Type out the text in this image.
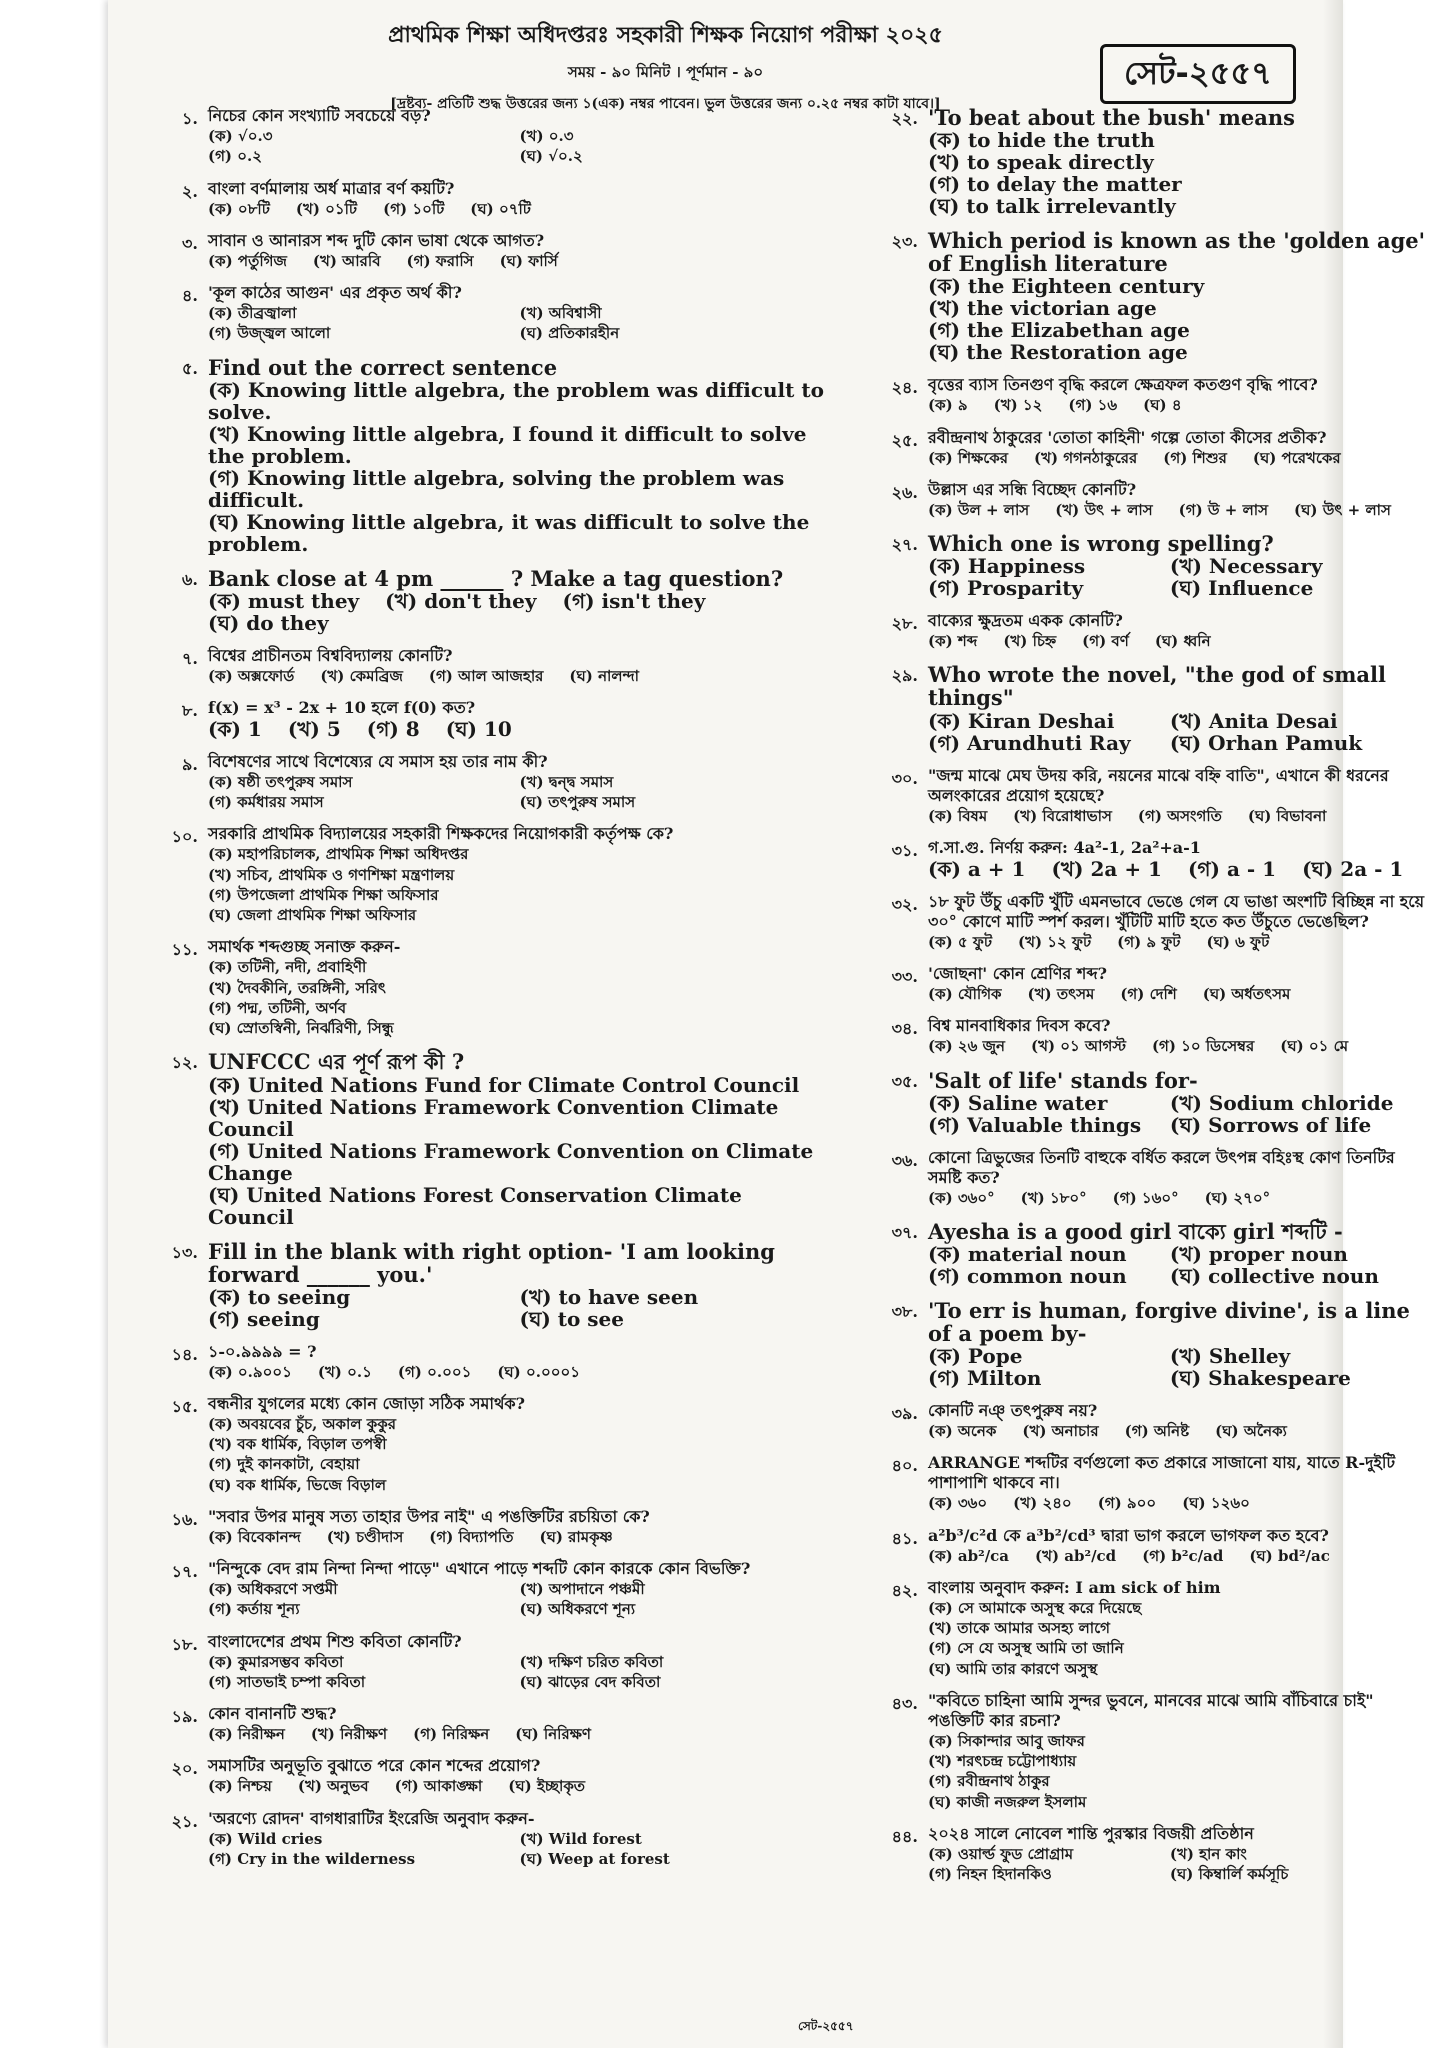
প্রাথমিক শিক্ষা অধিদপ্তরঃ সহকারী শিক্ষক নিয়োগ পরীক্ষা ২০২৫
সময় - ৯০ মিনিট । পূর্ণমান - ৯০
[দ্রষ্টব্য- প্রতিটি শুদ্ধ উত্তরের জন্য ১(এক) নম্বর পাবেন। ভুল উত্তরের জন্য ০.২৫ নম্বর কাটা যাবে।]
সেট-২৫৫৭
১. নিচের কোন সংখ্যাটি সবচেয়ে বড়?
(ক) √০.৩	(খ) ০.৩
(গ) ০.২	(ঘ) √০.২
২. বাংলা বর্ণমালায় অর্ধ মাত্রার বর্ণ কয়টি?
(ক) ০৮টি (খ) ০১টি (গ) ১০টি (ঘ) ০৭টি
৩. সাবান ও আনারস শব্দ দুটি কোন ভাষা থেকে আগত?
(ক) পর্তুগিজ (খ) আরবি (গ) ফরাসি (ঘ) ফার্সি
৪. 'কূল কাঠের আগুন' এর প্রকৃত অর্থ কী?
(ক) তীব্রজ্বালা	(খ) অবিশ্বাসী
(গ) উজ্জ্বল আলো	(ঘ) প্রতিকারহীন
৫. Find out the correct sentence
(ক) Knowing little algebra, the problem was difficult to solve.
(খ) Knowing little algebra, I found it difficult to solve the problem.
(গ) Knowing little algebra, solving the problem was difficult.
(ঘ) Knowing little algebra, it was difficult to solve the problem.
৬. Bank close at 4 pm ______ ? Make a tag question?
(ক) must they (খ) don't they (গ) isn't they
(ঘ) do they
৭. বিশ্বের প্রাচীনতম বিশ্ববিদ্যালয় কোনটি?
(ক) অক্সফোর্ড (খ) কেমব্রিজ (গ) আল আজহার (ঘ) নালন্দা
৮. f(x) = x³ - 2x + 10 হলে f(0) কত?
(ক) 1 (খ) 5 (গ) 8 (ঘ) 10
৯. বিশেষণের সাথে বিশেষ্যের যে সমাস হয় তার নাম কী?
(ক) ষষ্ঠী তৎপুরুষ সমাস	(খ) দ্বন্দ্ব সমাস
(গ) কর্মধারয় সমাস	(ঘ) তৎপুরুষ সমাস
১০. সরকারি প্রাথমিক বিদ্যালয়ের সহকারী শিক্ষকদের নিয়োগকারী কর্তৃপক্ষ কে?
(ক) মহাপরিচালক, প্রাথমিক শিক্ষা অধিদপ্তর
(খ) সচিব, প্রাথমিক ও গণশিক্ষা মন্ত্রণালয়
(গ) উপজেলা প্রাথমিক শিক্ষা অফিসার
(ঘ) জেলা প্রাথমিক শিক্ষা অফিসার
১১. সমার্থক শব্দগুচ্ছ সনাক্ত করুন-
(ক) তটিনী, নদী, প্রবাহিণী
(খ) দৈবকীনি, তরঙ্গিনী, সরিৎ
(গ) পদ্ম, তটিনী, অর্ণব
(ঘ) স্রোতস্বিনী, নির্ঝরিণী, সিন্ধু
১২. UNFCCC এর পূর্ণ রূপ কী ?
(ক) United Nations Fund for Climate Control Council
(খ) United Nations Framework Convention Climate Council
(গ) United Nations Framework Convention on Climate Change
(ঘ) United Nations Forest Conservation Climate Council
১৩. Fill in the blank with right option- 'I am looking forward ______ you.'
(ক) to seeing	(খ) to have seen
(গ) seeing	(ঘ) to see
১৪. ১-০.৯৯৯৯ = ?
(ক) ০.৯০০১ (খ) ০.১ (গ) ০.০০১ (ঘ) ০.০০০১
১৫. বন্ধনীর যুগলের মধ্যে কোন জোড়া সঠিক সমার্থক?
(ক) অবয়বের চুঁচ, অকাল কুকুর
(খ) বক ধার্মিক, বিড়াল তপস্বী
(গ) দুই কানকাটা, বেহায়া
(ঘ) বক ধার্মিক, ভিজে বিড়াল
১৬. "সবার উপর মানুষ সত্য তাহার উপর নাই" এ পঙক্তিটির রচয়িতা কে?
(ক) বিবেকানন্দ (খ) চণ্ডীদাস (গ) বিদ্যাপতি (ঘ) রামকৃষ্ণ
১৭. "নিন্দুকে বেদ রাম নিন্দা নিন্দা পাড়ে" এখানে পাড়ে শব্দটি কোন কারকে কোন বিভক্তি?
(ক) অধিকরণে সপ্তমী	(খ) অপাদানে পঞ্চমী
(গ) কর্তায় শূন্য	(ঘ) অধিকরণে শূন্য
১৮. বাংলাদেশের প্রথম শিশু কবিতা কোনটি?
(ক) কুমারসম্ভব কবিতা	(খ) দক্ষিণ চরিত কবিতা
(গ) সাতভাই চম্পা কবিতা	(ঘ) ঝাড়ের বেদ কবিতা
১৯. কোন বানানটি শুদ্ধ?
(ক) নিরীক্ষন (খ) নিরীক্ষণ (গ) নিরিক্ষন (ঘ) নিরিক্ষণ
২০. সমাসটির অনুভূতি বুঝাতে পরে কোন শব্দের প্রয়োগ?
(ক) নিশ্চয় (খ) অনুভব (গ) আকাঙ্ক্ষা (ঘ) ইচ্ছাকৃত
২১. 'অরণ্যে রোদন' বাগধারাটির ইংরেজি অনুবাদ করুন-
(ক) Wild cries	(খ) Wild forest
(গ) Cry in the wilderness	(ঘ) Weep at forest
২২. 'To beat about the bush' means
(ক) to hide the truth
(খ) to speak directly
(গ) to delay the matter
(ঘ) to talk irrelevantly
২৩. Which period is known as the 'golden age' of English literature
(ক) the Eighteen century
(খ) the victorian age
(গ) the Elizabethan age
(ঘ) the Restoration age
২৪. বৃত্তের ব্যাস তিনগুণ বৃদ্ধি করলে ক্ষেত্রফল কতগুণ বৃদ্ধি পাবে?
(ক) ৯ (খ) ১২ (গ) ১৬ (ঘ) ৪
২৫. রবীন্দ্রনাথ ঠাকুরের 'তোতা কাহিনী' গল্পে তোতা কীসের প্রতীক?
(ক) শিক্ষকের (খ) গগনঠাকুরের (গ) শিশুর (ঘ) পরেখকের
২৬. উল্লাস এর সন্ধি বিচ্ছেদ কোনটি?
(ক) উল + লাস (খ) উৎ + লাস (গ) উ + লাস (ঘ) উৎ + লাস
২৭. Which one is wrong spelling?
(ক) Happiness	(খ) Necessary
(গ) Prosparity	(ঘ) Influence
২৮. বাক্যের ক্ষুদ্রতম একক কোনটি?
(ক) শব্দ (খ) চিহ্ন (গ) বর্ণ (ঘ) ধ্বনি
২৯. Who wrote the novel, "the god of small things"
(ক) Kiran Deshai	(খ) Anita Desai
(গ) Arundhuti Ray	(ঘ) Orhan Pamuk
৩০. "জন্ম মাঝে মেঘ উদয় করি, নয়নের মাঝে বহ্নি বাতি", এখানে কী ধরনের অলংকারের প্রয়োগ হয়েছে?
(ক) বিষম (খ) বিরোধাভাস (গ) অসংগতি (ঘ) বিভাবনা
৩১. গ.সা.গু. নির্ণয় করুন: 4a²-1, 2a²+a-1
(ক) a + 1 (খ) 2a + 1 (গ) a - 1 (ঘ) 2a - 1
৩২. ১৮ ফুট উঁচু একটি খুঁটি এমনভাবে ভেঙে গেল যে ভাঙা অংশটি বিচ্ছিন্ন না হয়ে ৩০° কোণে মাটি স্পর্শ করল। খুঁটিটি মাটি হতে কত উঁচুতে ভেঙেছিল?
(ক) ৫ ফুট (খ) ১২ ফুট (গ) ৯ ফুট (ঘ) ৬ ফুট
৩৩. 'জোছনা' কোন শ্রেণির শব্দ?
(ক) যৌগিক (খ) তৎসম (গ) দেশি (ঘ) অর্ধতৎসম
৩৪. বিশ্ব মানবাধিকার দিবস কবে?
(ক) ২৬ জুন (খ) ০১ আগস্ট (গ) ১০ ডিসেম্বর (ঘ) ০১ মে
৩৫. 'Salt of life' stands for-
(ক) Saline water	(খ) Sodium chloride
(গ) Valuable things	(ঘ) Sorrows of life
৩৬. কোনো ত্রিভুজের তিনটি বাহুকে বর্ধিত করলে উৎপন্ন বহিঃস্থ কোণ তিনটির সমষ্টি কত?
(ক) ৩৬০° (খ) ১৮০° (গ) ১৬০° (ঘ) ২৭০°
৩৭. Ayesha is a good girl বাক্যে girl শব্দটি -
(ক) material noun	(খ) proper noun
(গ) common noun	(ঘ) collective noun
৩৮. 'To err is human, forgive divine', is a line of a poem by-
(ক) Pope	(খ) Shelley
(গ) Milton	(ঘ) Shakespeare
৩৯. কোনটি নঞ্ তৎপুরুষ নয়?
(ক) অনেক (খ) অনাচার (গ) অনিষ্ট (ঘ) অনৈক্য
৪০. ARRANGE শব্দটির বর্ণগুলো কত প্রকারে সাজানো যায়, যাতে R-দুইটি পাশাপাশি থাকবে না।
(ক) ৩৬০ (খ) ২৪০ (গ) ৯০০ (ঘ) ১২৬০
৪১. a²b³/c²d কে a³b²/cd³ দ্বারা ভাগ করলে ভাগফল কত হবে?
(ক) ab²/ca (খ) ab²/cd (গ) b²c/ad (ঘ) bd²/ac
৪২. বাংলায় অনুবাদ করুন: I am sick of him
(ক) সে আমাকে অসুস্থ করে দিয়েছে
(খ) তাকে আমার অসহ্য লাগে
(গ) সে যে অসুস্থ আমি তা জানি
(ঘ) আমি তার কারণে অসুস্থ
৪৩. "কবিতে চাহিনা আমি সুন্দর ভুবনে, মানবের মাঝে আমি বাঁচিবারে চাই" পঙক্তিটি কার রচনা?
(ক) সিকান্দার আবু জাফর
(খ) শরৎচন্দ্র চট্টোপাধ্যায়
(গ) রবীন্দ্রনাথ ঠাকুর
(ঘ) কাজী নজরুল ইসলাম
৪৪. ২০২৪ সালে নোবেল শান্তি পুরস্কার বিজয়ী প্রতিষ্ঠান
(ক) ওয়ার্ল্ড ফুড প্রোগ্রাম	(খ) হান কাং
(গ) নিহন হিদানকিও	(ঘ) কিম্বার্লি কর্মসূচি
সেট-২৫৫৭
